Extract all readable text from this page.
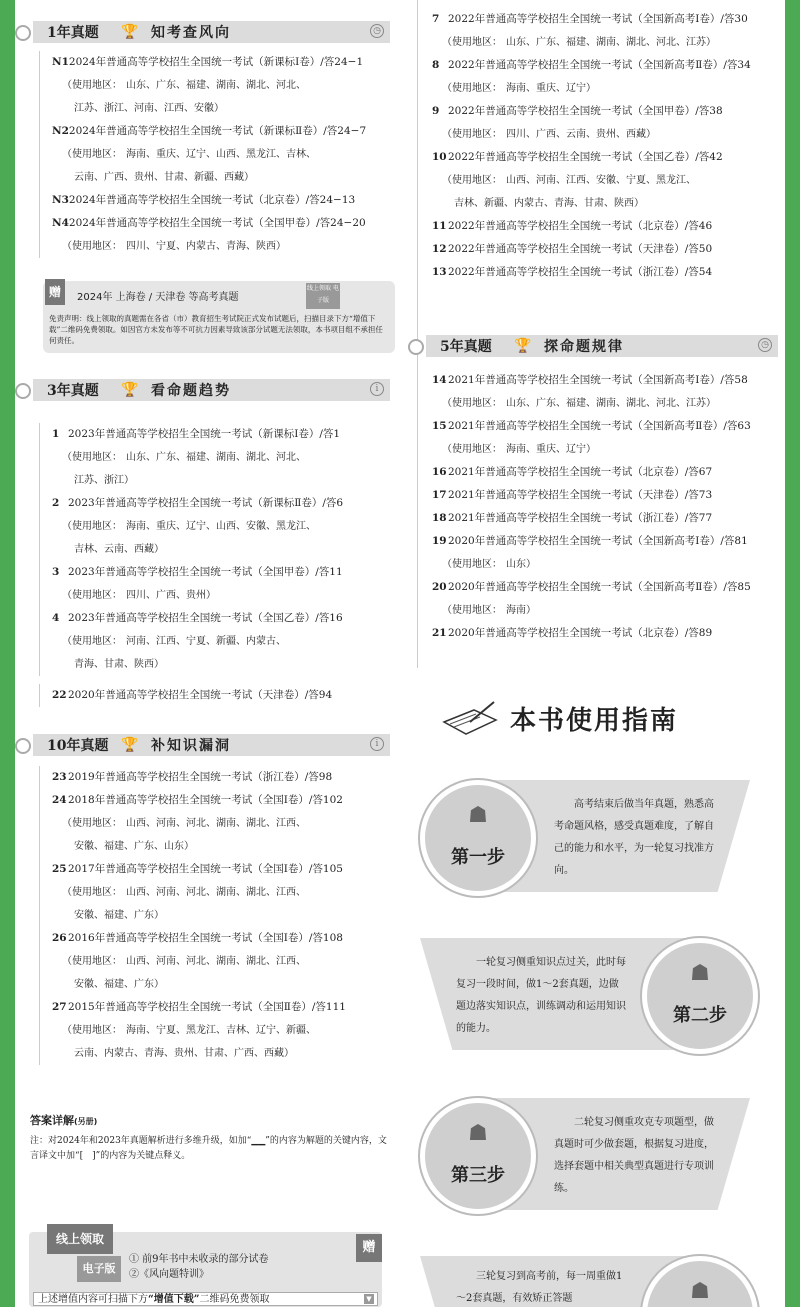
1年真题	🏆 知考查风向	◷
N12024年普通高等学校招生全国统一考试（新课标Ⅰ卷）/答24−1
（使用地区： 山东、广东、福建、湖南、湖北、河北、
江苏、浙江、河南、江西、安徽）
N22024年普通高等学校招生全国统一考试（新课标Ⅱ卷）/答24−7
（使用地区： 海南、重庆、辽宁、山西、黑龙江、吉林、
云南、广西、贵州、甘肃、新疆、西藏）
N32024年普通高等学校招生全国统一考试（北京卷）/答24−13
N42024年普通高等学校招生全国统一考试（全国甲卷）/答24−20
（使用地区： 四川、宁夏、内蒙古、青海、陕西）
赠	2024年 上海卷 / 天津卷 等高考真题
线上领取 电子版
免责声明：线上领取的真题需在各省（市）教育招生考试院正式发布试题后，扫描目录下方“增值下载”二维码免费领取。如因官方未发布等不可抗力因素导致该部分试题无法领取，本书项目组不承担任何责任。
3年真题	🏆 看命题趋势	i
1 2023年普通高等学校招生全国统一考试（新课标Ⅰ卷）/答1
（使用地区： 山东、广东、福建、湖南、湖北、河北、
江苏、浙江）
2 2023年普通高等学校招生全国统一考试（新课标Ⅱ卷）/答6
（使用地区： 海南、重庆、辽宁、山西、安徽、黑龙江、
吉林、云南、西藏）
3 2023年普通高等学校招生全国统一考试（全国甲卷）/答11
（使用地区： 四川、广西、贵州）
4 2023年普通高等学校招生全国统一考试（全国乙卷）/答16
（使用地区： 河南、江西、宁夏、新疆、内蒙古、
青海、甘肃、陕西）
222020年普通高等学校招生全国统一考试（天津卷）/答94
10年真题 🏆 补知识漏洞	i
232019年普通高等学校招生全国统一考试（浙江卷）/答98
242018年普通高等学校招生全国统一考试（全国Ⅰ卷）/答102
（使用地区： 山西、河南、河北、湖南、湖北、江西、
安徽、福建、广东、山东）
252017年普通高等学校招生全国统一考试（全国Ⅰ卷）/答105
（使用地区： 山西、河南、河北、湖南、湖北、江西、
安徽、福建、广东）
262016年普通高等学校招生全国统一考试（全国Ⅰ卷）/答108
（使用地区： 山西、河南、河北、湖南、湖北、江西、
安徽、福建、广东）
272015年普通高等学校招生全国统一考试（全国Ⅱ卷）/答111
（使用地区： 海南、宁夏、黑龙江、吉林、辽宁、新疆、
云南、内蒙古、青海、贵州、甘肃、广西、西藏）
答案详解(另册)
注：对2024年和2023年真题解析进行多维升级，如加“▁▁”的内容为解题的关键内容，文言译文中加“[　]”的内容为关键点释义。
线上领取
电子版
赠
① 前9年书中未收录的部分试卷
②《风向题特训》
上述增值内容可扫描下方“增值下载”二维码免费领取	▼
7 2022年普通高等学校招生全国统一考试（全国新高考Ⅰ卷）/答30
（使用地区： 山东、广东、福建、湖南、湖北、河北、江苏）
8 2022年普通高等学校招生全国统一考试（全国新高考Ⅱ卷）/答34
（使用地区： 海南、重庆、辽宁）
9 2022年普通高等学校招生全国统一考试（全国甲卷）/答38
（使用地区： 四川、广西、云南、贵州、西藏）
102022年普通高等学校招生全国统一考试（全国乙卷）/答42
（使用地区： 山西、河南、江西、安徽、宁夏、黑龙江、
吉林、新疆、内蒙古、青海、甘肃、陕西）
112022年普通高等学校招生全国统一考试（北京卷）/答46
122022年普通高等学校招生全国统一考试（天津卷）/答50
132022年普通高等学校招生全国统一考试（浙江卷）/答54
5年真题	🏆 探命题规律	◷
142021年普通高等学校招生全国统一考试（全国新高考Ⅰ卷）/答58
（使用地区： 山东、广东、福建、湖南、湖北、河北、江苏）
152021年普通高等学校招生全国统一考试（全国新高考Ⅱ卷）/答63
（使用地区： 海南、重庆、辽宁）
162021年普通高等学校招生全国统一考试（北京卷）/答67
172021年普通高等学校招生全国统一考试（天津卷）/答73
182021年普通高等学校招生全国统一考试（浙江卷）/答77
192020年普通高等学校招生全国统一考试（全国新高考Ⅰ卷）/答81
（使用地区： 山东）
202020年普通高等学校招生全国统一考试（全国新高考Ⅱ卷）/答85
（使用地区： 海南）
212020年普通高等学校招生全国统一考试（北京卷）/答89
本书使用指南
☗
第一步
高考结束后做当年真题，熟悉高考命题风格，感受真题难度，了解自己的能力和水平，为一轮复习找准方向。
☗
第二步
一轮复习侧重知识点过关，此时每复习一段时间，做1～2套真题，边做题边落实知识点，训练调动和运用知识的能力。
☗
第三步
二轮复习侧重攻克专项题型，做真题时可少做套题，根据复习进度，选择套题中相关典型真题进行专项训练。
☗
三轮复习到高考前，每一周重做1～2套真题，有效矫正答题
